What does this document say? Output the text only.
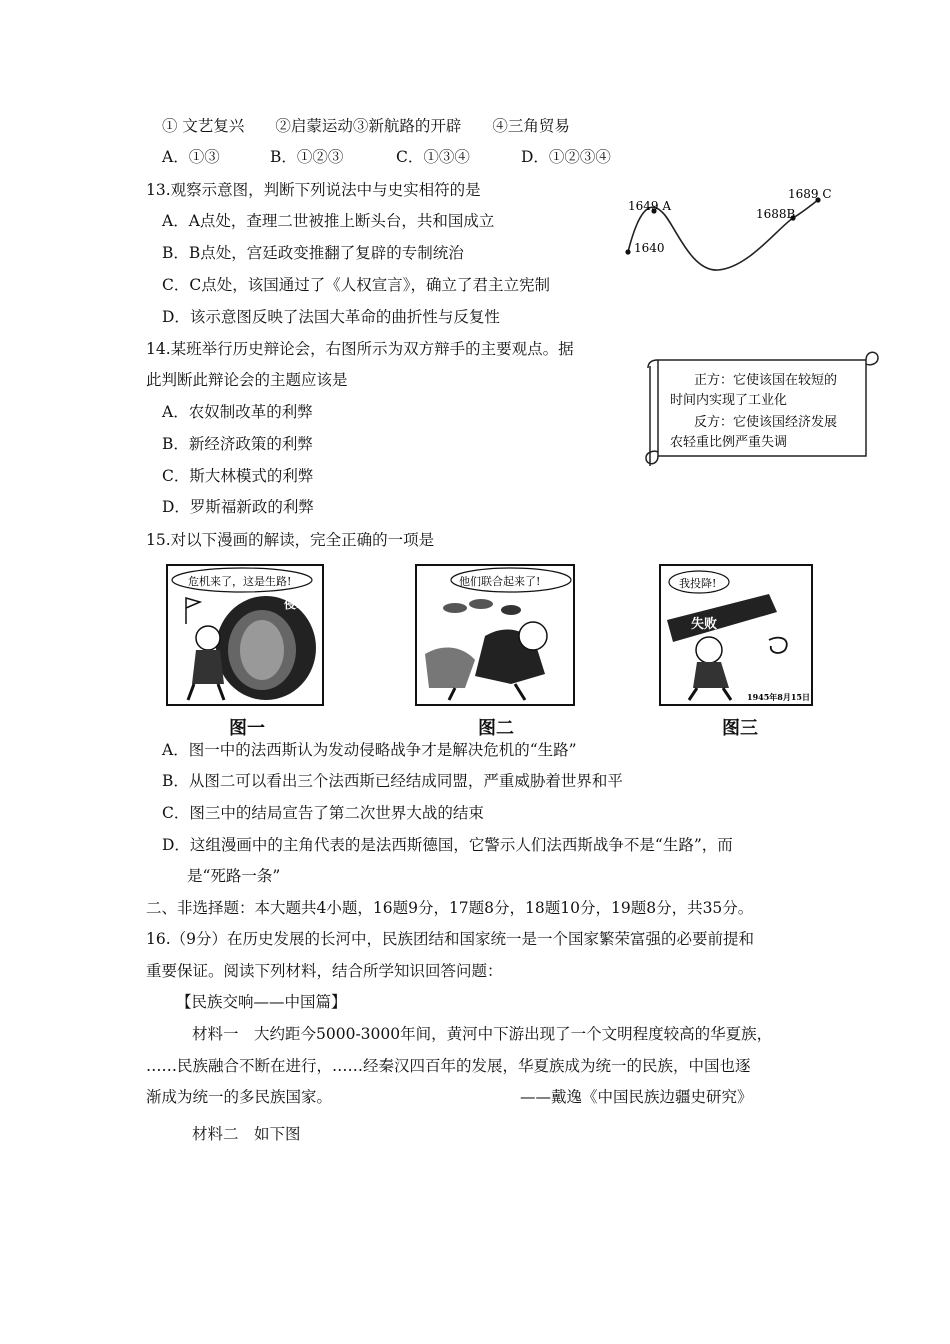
① 文艺复兴　　②启蒙运动③新航路的开辟　　④三角贸易
A．①③	B．①②③	C．①③④	D．①②③④
13.观察示意图，判断下列说法中与史实相符的是
A．A点处，查理二世被推上断头台，共和国成立
B．B点处，宫廷政变推翻了复辟的专制统治
C．C点处，该国通过了《人权宣言》，确立了君主立宪制
D．该示意图反映了法国大革命的曲折性与反复性
1640
1649 A
1688B
1689 C
14.某班举行历史辩论会，右图所示为双方辩手的主要观点。据
此判断此辩论会的主题应该是
A．农奴制改革的利弊
B．新经济政策的利弊
C．斯大林模式的利弊
D．罗斯福新政的利弊
正方：它使该国在较短的
时间内实现了工业化
反方：它使该国经济发展
农轻重比例严重失调
15.对以下漫画的解读，完全正确的一项是
危机来了，这是生路!
侵略
图一
他们联合起来了!
图二
我投降!
失败
1945年8月15日
图三
A．图一中的法西斯认为发动侵略战争才是解决危机的“生路”
B．从图二可以看出三个法西斯已经结成同盟，严重威胁着世界和平
C．图三中的结局宣告了第二次世界大战的结束
D．这组漫画中的主角代表的是法西斯德国，它警示人们法西斯战争不是“生路”，而
是“死路一条”
二、非选择题：本大题共4小题，16题9分，17题8分，18题10分，19题8分，共35分。
16.（9分）在历史发展的长河中，民族团结和国家统一是一个国家繁荣富强的必要前提和
重要保证。阅读下列材料，结合所学知识回答问题：
【民族交响——中国篇】
材料一　大约距今5000-3000年间，黄河中下游出现了一个文明程度较高的华夏族，
……民族融合不断在进行，……经秦汉四百年的发展，华夏族成为统一的民族，中国也逐
渐成为统一的多民族国家。	——戴逸《中国民族边疆史研究》
材料二　如下图
